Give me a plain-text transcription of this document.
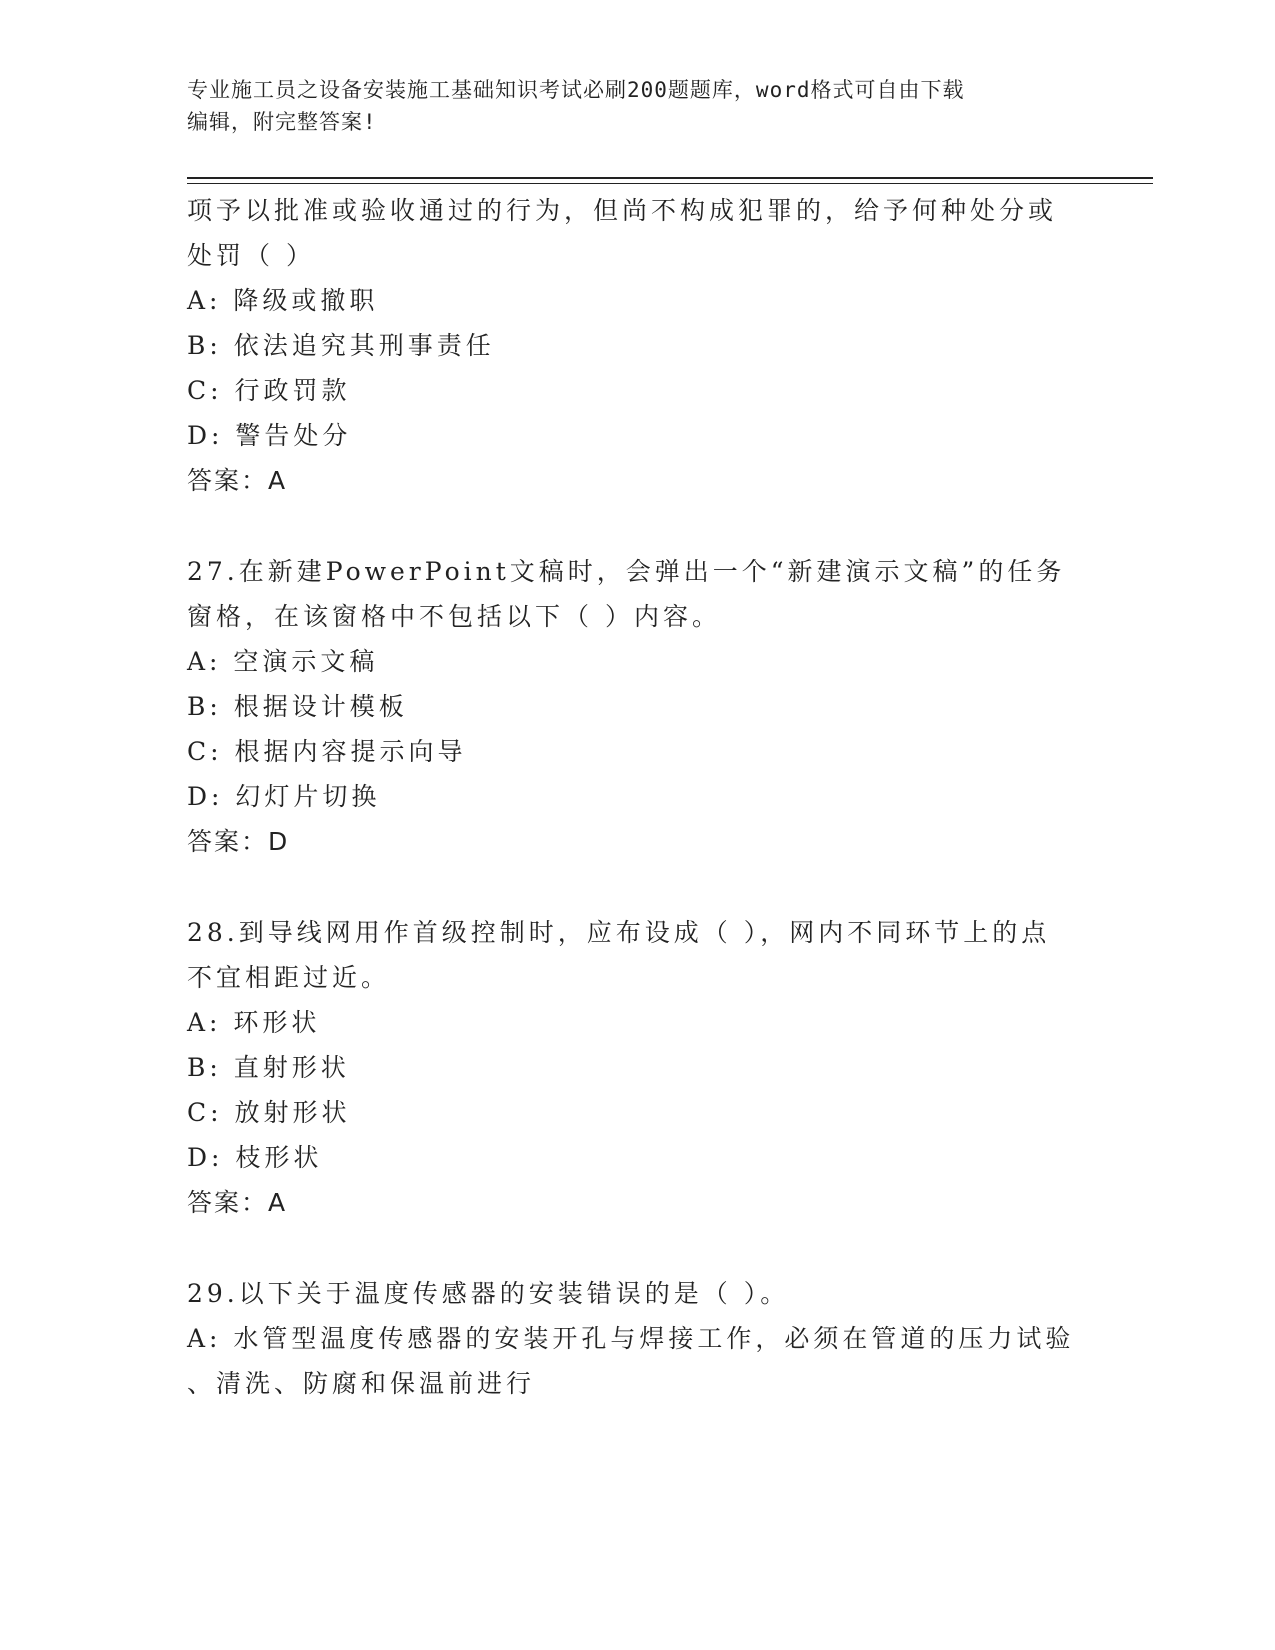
专业施工员之设备安装施工基础知识考试必刷200题题库，word格式可自由下载
编辑，附完整答案!
项予以批准或验收通过的行为，但尚不构成犯罪的，给予何种处分或
处罚（ ）
A: 降级或撤职
B: 依法追究其刑事责任
C: 行政罚款
D: 警告处分
答案：A
27.在新建PowerPoint文稿时，会弹出一个“新建演示文稿”的任务
窗格，在该窗格中不包括以下（ ）内容。
A: 空演示文稿
B: 根据设计模板
C: 根据内容提示向导
D: 幻灯片切换
答案：D
28.到导线网用作首级控制时，应布设成（ ），网内不同环节上的点
不宜相距过近。
A: 环形状
B: 直射形状
C: 放射形状
D: 枝形状
答案：A
29.以下关于温度传感器的安装错误的是（ ）。
A: 水管型温度传感器的安装开孔与焊接工作，必须在管道的压力试验
、清洗、防腐和保温前进行
